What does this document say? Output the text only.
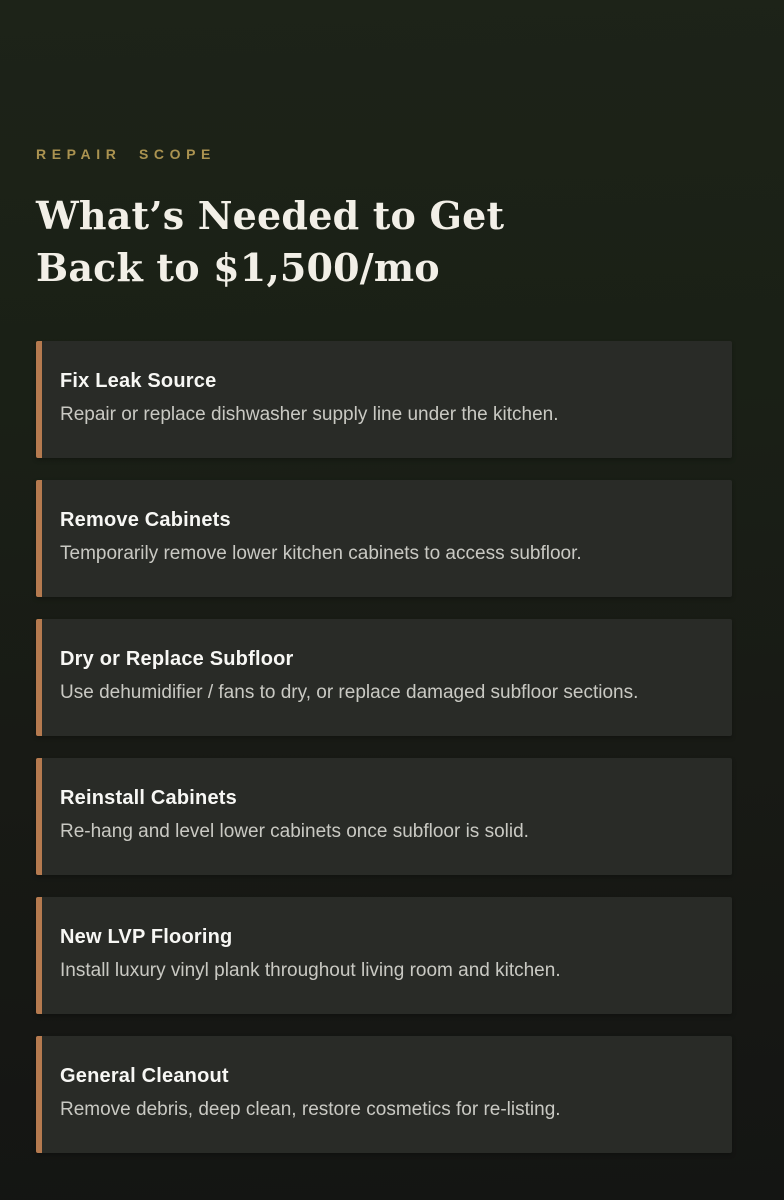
REPAIR SCOPE

What’s Needed to Get
Back to $1,500/mo
Fix Leak Source

Repair or replace dishwasher supply line under the kitchen.

Remove Cabinets

Temporarily remove lower kitchen cabinets to access subfloor.

Dry or Replace Subfloor

Use dehumidifier / fans to dry, or replace damaged subfloor sections.

Reinstall Cabinets

Re-hang and level lower cabinets once subfloor is solid.

New LVP Flooring

Install luxury vinyl plank throughout living room and kitchen.

General Cleanout

Remove debris, deep clean, restore cosmetics for re-listing.
